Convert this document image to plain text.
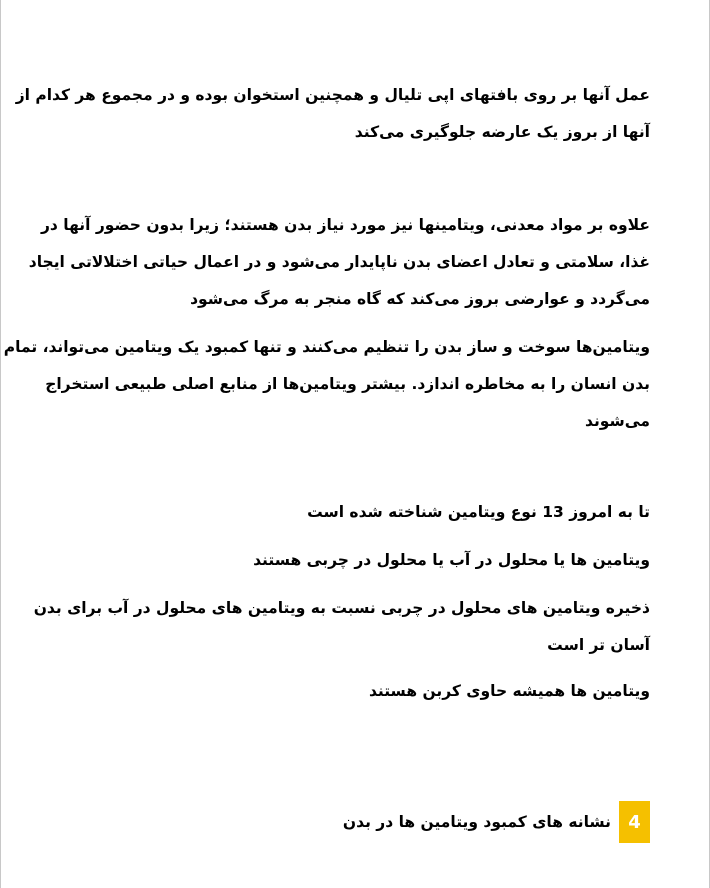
عمل آنها بر روی بافتهای اپی تلیال و همچنین استخوان بوده و در مجموع هر کدام از
آنها از بروز یک عارضه جلوگیری می‌کند

علاوه بر مواد معدنی، ویتامینها نیز مورد نیاز بدن هستند؛ زیرا بدون حضور آنها در
غذا، سلامتی و تعادل اعضای بدن ناپایدار می‌شود و در اعمال حیاتی اختلالاتی ایجاد
می‌گردد و عوارضی بروز می‌کند که گاه منجر به مرگ می‌شود

ویتامین‌ها سوخت و ساز بدن را تنظیم می‌کنند و تنها کمبود یک ویتامین می‌تواند، تمام
بدن انسان را به مخاطره اندازد. بیشتر ویتامین‌ها از منابع اصلی طبیعی استخراج
می‌شوند

تا به امروز 13 نوع ویتامین شناخته شده است

ویتامین ها یا محلول در آب یا محلول در چربی هستند

ذخیره ویتامین های محلول در چربی نسبت به ویتامین های محلول در آب برای بدن
آسان تر است

ویتامین ها همیشه حاوی کربن هستند

4
نشانه های کمبود ویتامین ها در بدن
